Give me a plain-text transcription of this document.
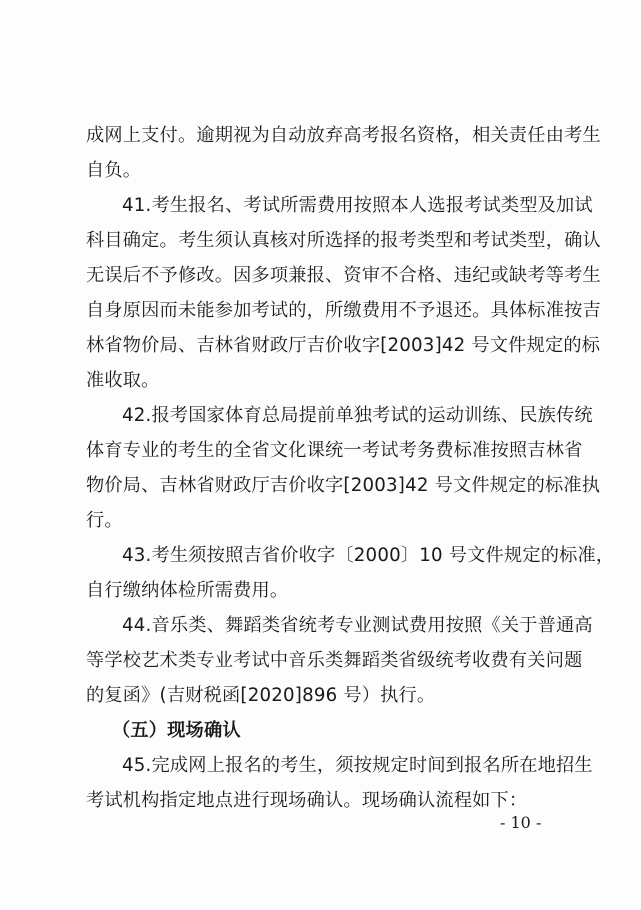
成网上支付。逾期视为自动放弃高考报名资格，相关责任由考生
自负。
41.考生报名、考试所需费用按照本人选报考试类型及加试
科目确定。考生须认真核对所选择的报考类型和考试类型，确认
无误后不予修改。因多项兼报、资审不合格、违纪或缺考等考生
自身原因而未能参加考试的，所缴费用不予退还。具体标准按吉
林省物价局、吉林省财政厅吉价收字[2003]42 号文件规定的标
准收取。
42.报考国家体育总局提前单独考试的运动训练、民族传统
体育专业的考生的全省文化课统一考试考务费标准按照吉林省
物价局、吉林省财政厅吉价收字[2003]42 号文件规定的标准执
行。
43.考生须按照吉省价收字〔2000〕10 号文件规定的标准，
自行缴纳体检所需费用。
44.音乐类、舞蹈类省统考专业测试费用按照《关于普通高
等学校艺术类专业考试中音乐类舞蹈类省级统考收费有关问题
的复函》(吉财税函[2020]896 号）执行。
（五）现场确认
45.完成网上报名的考生，须按规定时间到报名所在地招生
考试机构指定地点进行现场确认。现场确认流程如下：
- 10 -
